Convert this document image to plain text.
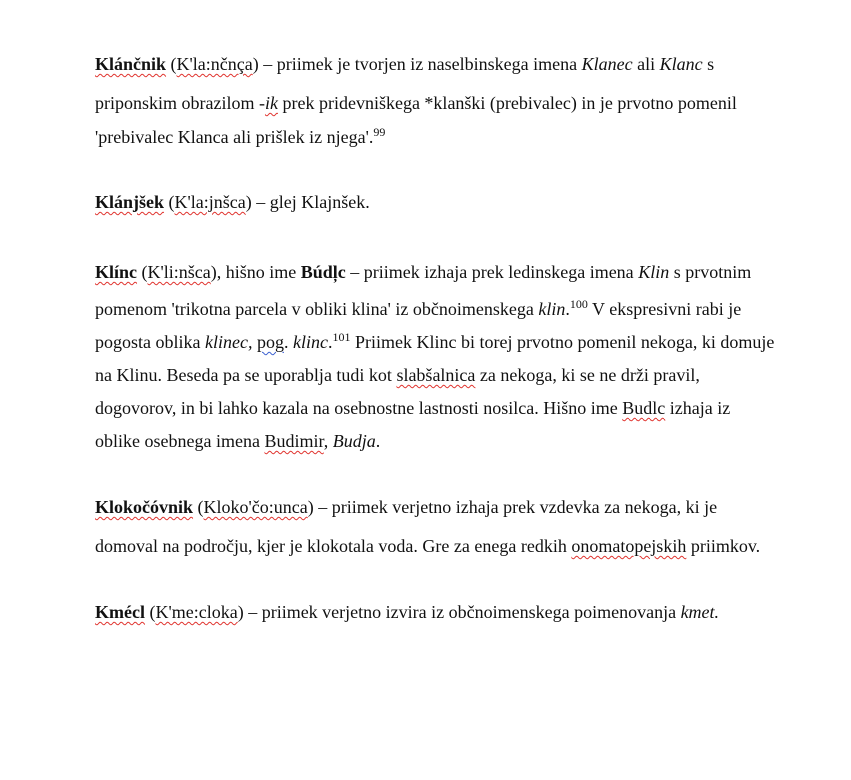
Klánčnik (K'la:nčnça) – priimek je tvorjen iz naselbinskega imena Klanec ali Klanc s
priponskim obrazilom -ik prek pridevniškega *klanški (prebivalec) in je prvotno pomenil
'prebivalec Klanca ali prišlek iz njega'.$^{99}$
Klánjšek (K'la:jnšca) – glej Klajnšek.
Klínc (K'li:nšca), hišno ime Búdļc – priimek izhaja prek ledinskega imena Klin s prvotnim
pomenom 'trikotna parcela v obliki klina' iz občnoimenskega klin.$^{100}$ V ekspresivni rabi je
pogosta oblika klinec, pog. klinc.$^{101}$ Priimek Klinc bi torej prvotno pomenil nekoga, ki domuje
na Klinu. Beseda pa se uporablja tudi kot slabšalnica za nekoga, ki se ne drži pravil,
dogovorov, in bi lahko kazala na osebnostne lastnosti nosilca. Hišno ime Budlc izhaja iz
oblike osebnega imena Budimir, Budja.
Klokočóvnik (Kloko'čo:unca) – priimek verjetno izhaja prek vzdevka za nekoga, ki je
domoval na področju, kjer je klokotala voda. Gre za enega redkih onomatopejskih priimkov.
Kmécl (K'me:cloka) – priimek verjetno izvira iz občnoimenskega poimenovanja kmet.
